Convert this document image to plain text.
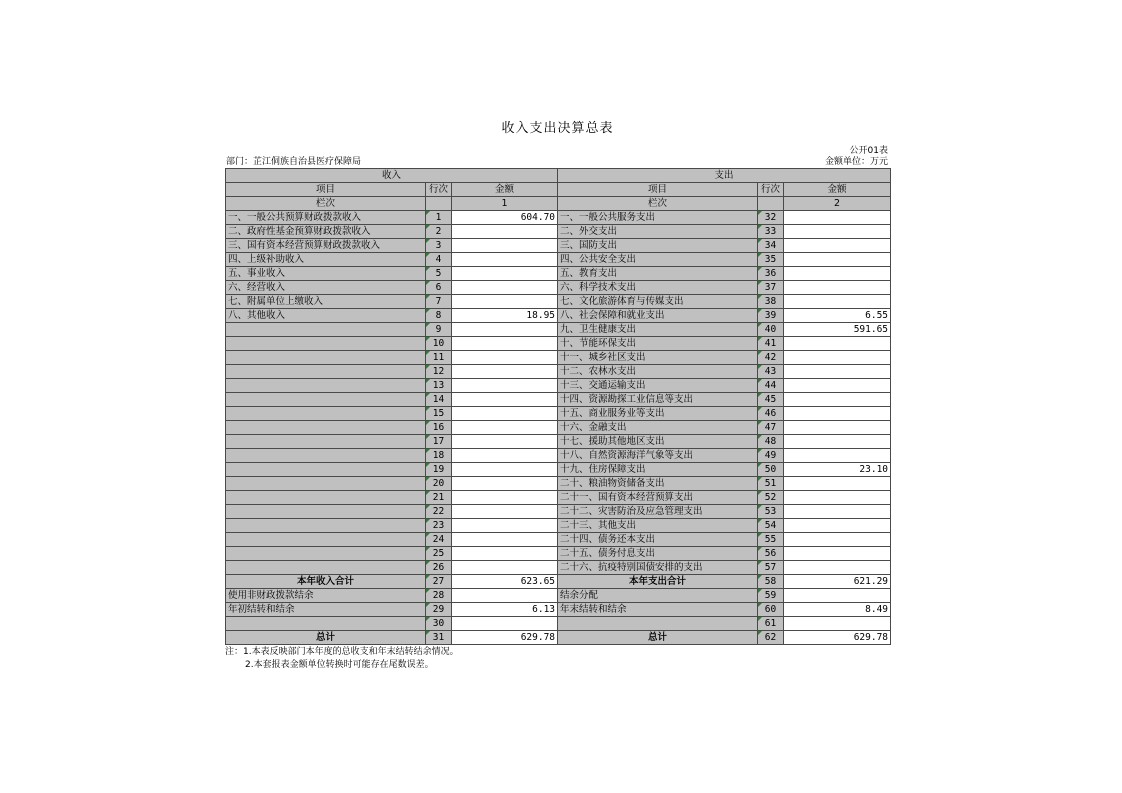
收入支出决算总表
部门：芷江侗族自治县医疗保障局
公开01表
金额单位：万元
收入			支出		
项目	行次	金额	项目	行次	金额
栏次		1	栏次		2
一、一般公共预算财政拨款收入	1	604.70	一、一般公共服务支出	32	
二、政府性基金预算财政拨款收入	2		二、外交支出	33	
三、国有资本经营预算财政拨款收入	3		三、国防支出	34	
四、上级补助收入	4		四、公共安全支出	35	
五、事业收入	5		五、教育支出	36	
六、经营收入	6		六、科学技术支出	37	
七、附属单位上缴收入	7		七、文化旅游体育与传媒支出	38	
八、其他收入	8	18.95	八、社会保障和就业支出	39	6.55
	9		九、卫生健康支出	40	591.65
	10		十、节能环保支出	41	
	11		十一、城乡社区支出	42	
	12		十二、农林水支出	43	
	13		十三、交通运输支出	44	
	14		十四、资源勘探工业信息等支出	45	
	15		十五、商业服务业等支出	46	
	16		十六、金融支出	47	
	17		十七、援助其他地区支出	48	
	18		十八、自然资源海洋气象等支出	49	
	19		十九、住房保障支出	50	23.10
	20		二十、粮油物资储备支出	51	
	21		二十一、国有资本经营预算支出	52	
	22		二十二、灾害防治及应急管理支出	53	
	23		二十三、其他支出	54	
	24		二十四、债务还本支出	55	
	25		二十五、债务付息支出	56	
	26		二十六、抗疫特别国债安排的支出	57	
本年收入合计	27	623.65	本年支出合计	58	621.29
使用非财政拨款结余	28		结余分配	59	
年初结转和结余	29	6.13	年末结转和结余	60	8.49
	30			61	
总计	31	629.78	总计	62	629.78
注：1.本表反映部门本年度的总收支和年末结转结余情况。
2.本套报表金额单位转换时可能存在尾数误差。
